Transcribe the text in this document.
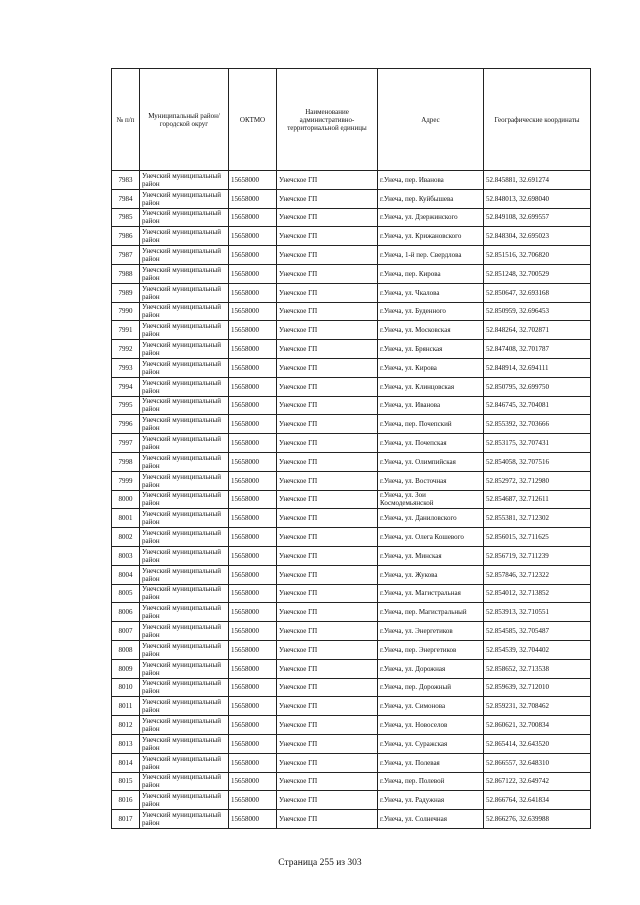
№ п/п	Муниципальный район/городской округ	ОКТМО	Наименование административно-территориальной единицы	Адрес	Географические координаты
7983	Унечский муниципальный район	15658000	Унечское ГП	г.Унеча, пер. Иванова	52.845881, 32.691274
7984	Унечский муниципальный район	15658000	Унечское ГП	г.Унеча, пер. Куйбышева	52.848013, 32.698040
7985	Унечский муниципальный район	15658000	Унечское ГП	г.Унеча, ул. Дзержинского	52.849108, 32.699557
7986	Унечский муниципальный район	15658000	Унечское ГП	г.Унеча, ул. Крижановского	52.848304, 32.695023
7987	Унечский муниципальный район	15658000	Унечское ГП	г.Унеча, 1-й пер. Свердлова	52.851516, 32.706820
7988	Унечский муниципальный район	15658000	Унечское ГП	г.Унеча, пер. Кирова	52.851248, 32.700529
7989	Унечский муниципальный район	15658000	Унечское ГП	г.Унеча, ул. Чкалова	52.850647, 32.693168
7990	Унечский муниципальный район	15658000	Унечское ГП	г.Унеча, ул. Буденного	52.850959, 32.696453
7991	Унечский муниципальный район	15658000	Унечское ГП	г.Унеча, ул. Московская	52.848264, 32.702871
7992	Унечский муниципальный район	15658000	Унечское ГП	г.Унеча, ул. Брянская	52.847408, 32.701787
7993	Унечский муниципальный район	15658000	Унечское ГП	г.Унеча, ул. Кирова	52.848914, 32.694111
7994	Унечский муниципальный район	15658000	Унечское ГП	г.Унеча, ул. Клинцовская	52.850795, 32.699750
7995	Унечский муниципальный район	15658000	Унечское ГП	г.Унеча, ул. Иванова	52.846745, 32.704081
7996	Унечский муниципальный район	15658000	Унечское ГП	г.Унеча, пер. Почепский	52.855392, 32.703666
7997	Унечский муниципальный район	15658000	Унечское ГП	г.Унеча, ул. Почепская	52.853175, 32.707431
7998	Унечский муниципальный район	15658000	Унечское ГП	г.Унеча, ул. Олимпийская	52.854058, 32.707516
7999	Унечский муниципальный район	15658000	Унечское ГП	г.Унеча, ул. Восточная	52.852972, 32.712980
8000	Унечский муниципальный район	15658000	Унечское ГП	г.Унеча, ул. Зои Космодемьянской	52.854687, 32.712611
8001	Унечский муниципальный район	15658000	Унечское ГП	г.Унеча, ул. Даниловского	52.855381, 32.712302
8002	Унечский муниципальный район	15658000	Унечское ГП	г.Унеча, ул. Олега Кошевого	52.856015, 32.711625
8003	Унечский муниципальный район	15658000	Унечское ГП	г.Унеча, ул. Минская	52.856719, 32.711239
8004	Унечский муниципальный район	15658000	Унечское ГП	г.Унеча, ул. Жукова	52.857846, 32.712322
8005	Унечский муниципальный район	15658000	Унечское ГП	г.Унеча, ул. Магистральная	52.854012, 32.713852
8006	Унечский муниципальный район	15658000	Унечское ГП	г.Унеча, пер. Магистральный	52.853913, 32.710551
8007	Унечский муниципальный район	15658000	Унечское ГП	г.Унеча, ул. Энергетиков	52.854585, 32.705487
8008	Унечский муниципальный район	15658000	Унечское ГП	г.Унеча, пер. Энергетиков	52.854539, 32.704402
8009	Унечский муниципальный район	15658000	Унечское ГП	г.Унеча, ул. Дорожная	52.858652, 32.713538
8010	Унечский муниципальный район	15658000	Унечское ГП	г.Унеча, пер. Дорожный	52.859639, 32.712010
8011	Унечский муниципальный район	15658000	Унечское ГП	г.Унеча, ул. Симонова	52.859231, 32.708462
8012	Унечский муниципальный район	15658000	Унечское ГП	г.Унеча, ул. Новоселов	52.860621, 32.700834
8013	Унечский муниципальный район	15658000	Унечское ГП	г.Унеча, ул. Суражская	52.865414, 32.643520
8014	Унечский муниципальный район	15658000	Унечское ГП	г.Унеча, ул. Полевая	52.866557, 32.648310
8015	Унечский муниципальный район	15658000	Унечское ГП	г.Унеча, пер. Полевой	52.867122, 32.649742
8016	Унечский муниципальный район	15658000	Унечское ГП	г.Унеча, ул. Радужная	52.866764, 32.641834
8017	Унечский муниципальный район	15658000	Унечское ГП	г.Унеча, ул. Солнечная	52.866276, 32.639988
Страница 255 из 303
